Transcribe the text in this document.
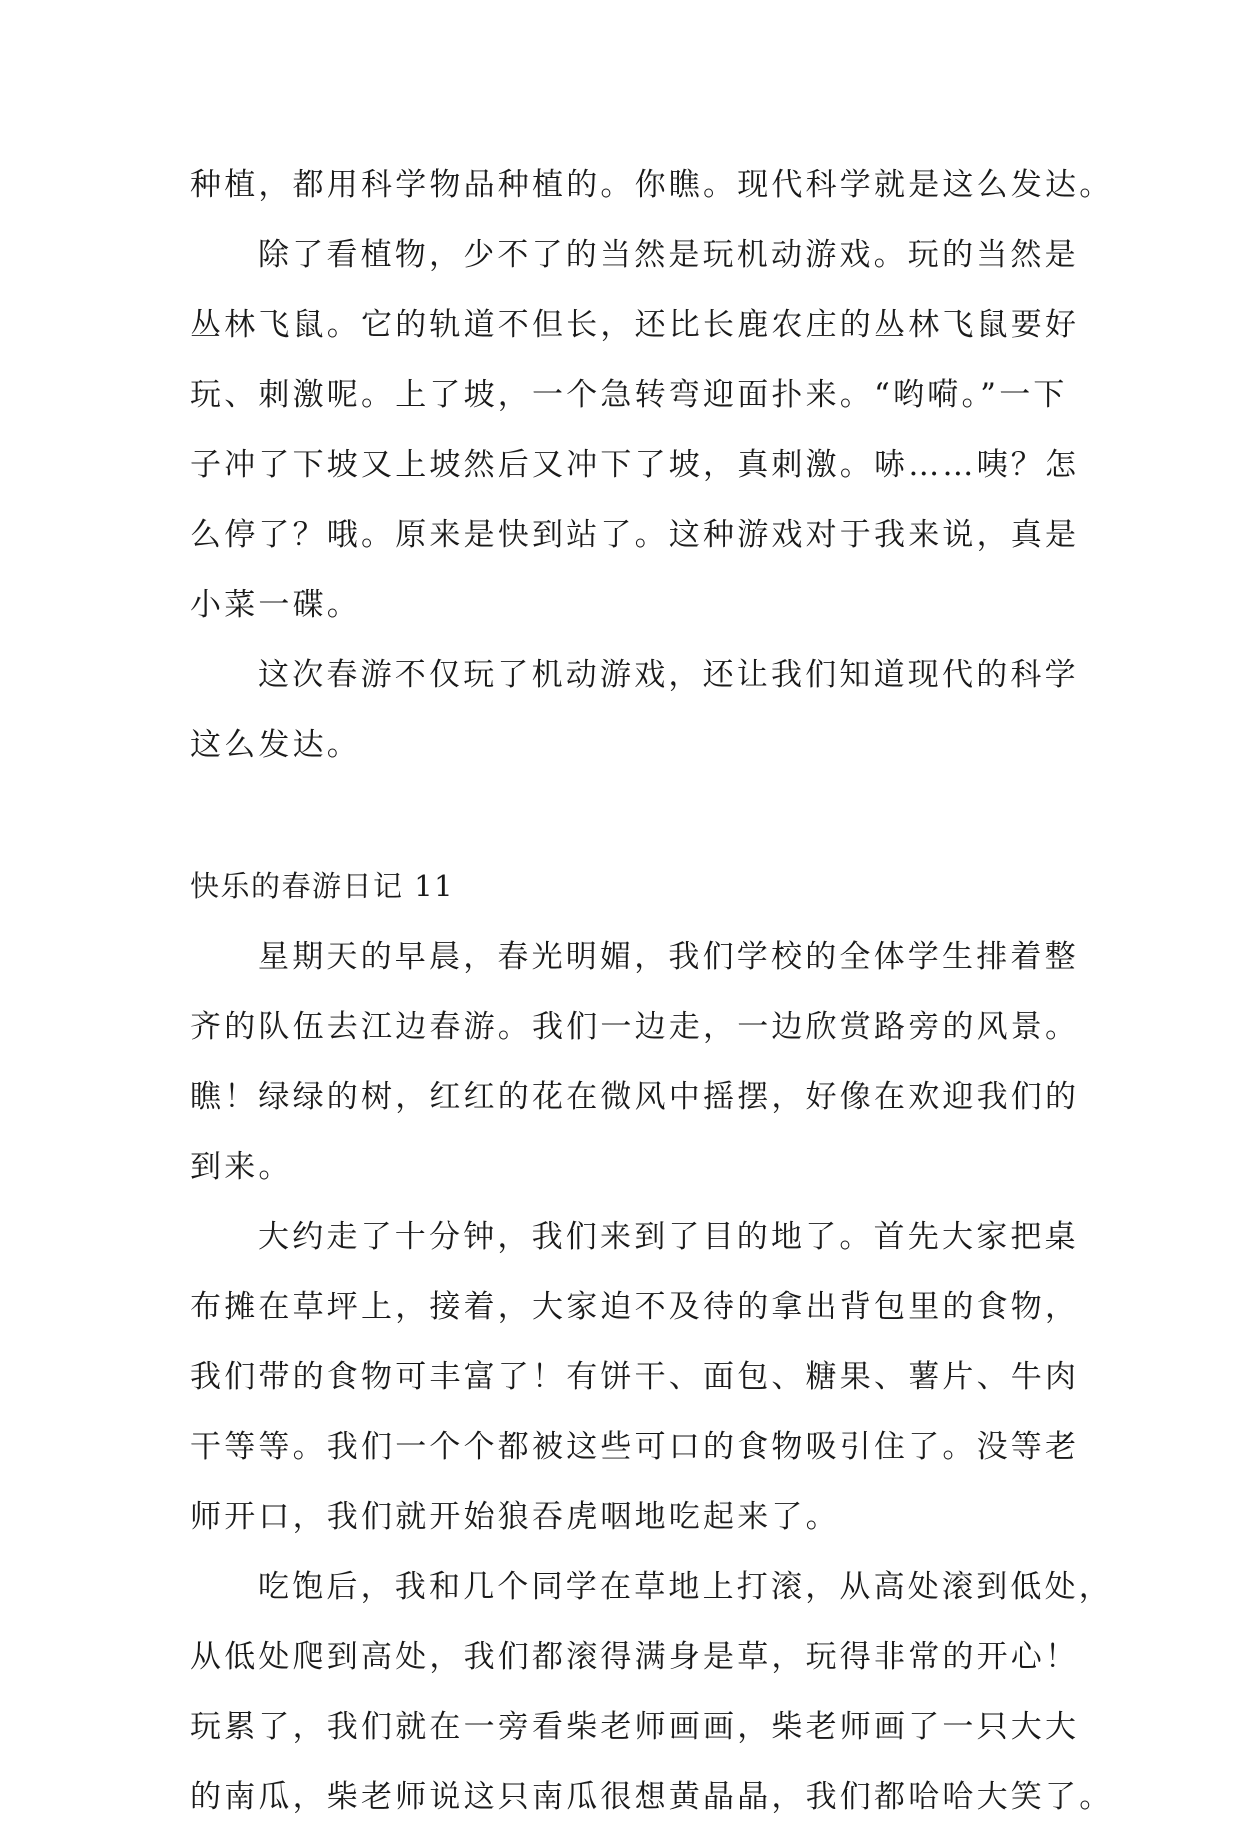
种植，都用科学物品种植的。你瞧。现代科学就是这么发达。
除了看植物，少不了的当然是玩机动游戏。玩的当然是
丛林飞鼠。它的轨道不但长，还比长鹿农庄的丛林飞鼠要好
玩、刺激呢。上了坡，一个急转弯迎面扑来。“哟嗬。”一下
子冲了下坡又上坡然后又冲下了坡，真刺激。哧……咦？怎
么停了？哦。原来是快到站了。这种游戏对于我来说，真是
小菜一碟。
这次春游不仅玩了机动游戏，还让我们知道现代的科学
这么发达。
快乐的春游日记 11
星期天的早晨，春光明媚，我们学校的全体学生排着整
齐的队伍去江边春游。我们一边走，一边欣赏路旁的风景。
瞧！绿绿的树，红红的花在微风中摇摆，好像在欢迎我们的
到来。
大约走了十分钟，我们来到了目的地了。首先大家把桌
布摊在草坪上，接着，大家迫不及待的拿出背包里的食物，
我们带的食物可丰富了！有饼干、面包、糖果、薯片、牛肉
干等等。我们一个个都被这些可口的食物吸引住了。没等老
师开口，我们就开始狼吞虎咽地吃起来了。
吃饱后，我和几个同学在草地上打滚，从高处滚到低处，
从低处爬到高处，我们都滚得满身是草，玩得非常的开心！
玩累了，我们就在一旁看柴老师画画，柴老师画了一只大大
的南瓜，柴老师说这只南瓜很想黄晶晶，我们都哈哈大笑了。
